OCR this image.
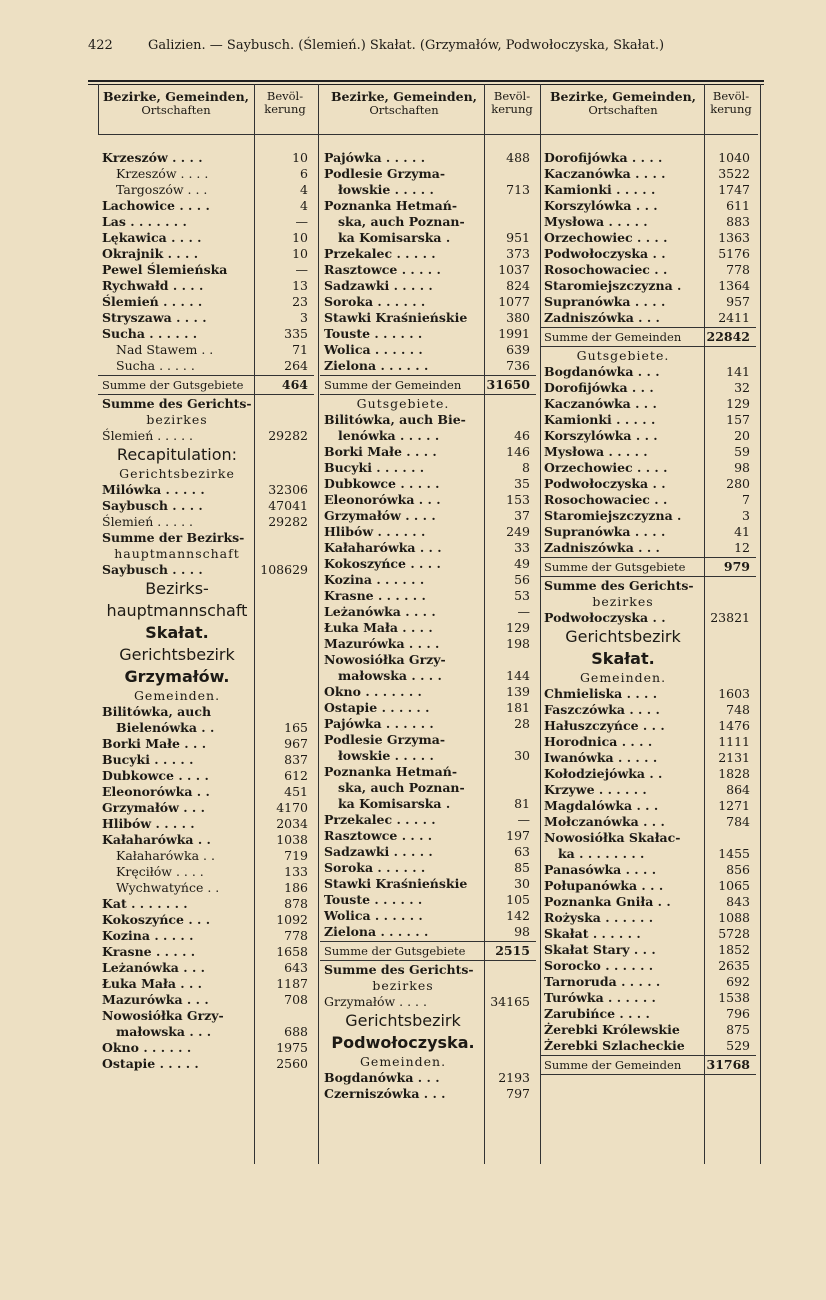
422	Galizien. — Saybusch. (Ślemień.) Skałat. (Grzymałów, Podwołoczyska, Skałat.)
Bezirke, Gemeinden,
Ortschaften
Bevöl-
kerung
Bezirke, Gemeinden,
Ortschaften
Bevöl-
kerung
Bezirke, Gemeinden,
Ortschaften
Bevöl-
kerung
Krzeszów . . . .	10
Krzeszów . . . .	6
Targoszów . . .	4
Lachowice . . . .	4
Las . . . . . . .	—
Lękawica . . . .	10
Okrajnik . . . .	10
Pewel Ślemieńska	—
Rychwałd . . . .	13
Ślemień . . . . .	23
Stryszawa . . . .	3
Sucha . . . . . .	335
Nad Stawem . .	71
Sucha . . . . .	264
Summe der Gutsgebiete	464
Summe des Gerichts-
bezirkes
Ślemień . . . . .	29282
Recapitulation:
Gerichtsbezirke
Milówka . . . . .	32306
Saybusch . . . .	47041
Ślemień . . . . .	29282
Summe der Bezirks-
hauptmannschaft
Saybusch . . . .	108629
Bezirks-
hauptmannschaft
Skałat.
Gerichtsbezirk
Grzymałów.
Gemeinden.
Bilitówka, auch
Bielenówka . .	165
Borki Małe . . .	967
Bucyki . . . . .	837
Dubkowce . . . .	612
Eleonorówka . .	451
Grzymałów . . .	4170
Hlibów . . . . .	2034
Kałaharówka . .	1038
Kałaharówka . .	719
Kręciłów . . . .	133
Wychwatyńce . .	186
Kat . . . . . . .	878
Kokoszyńce . . .	1092
Kozina . . . . .	778
Krasne . . . . .	1658
Leżanówka . . .	643
Łuka Mała . . .	1187
Mazurówka . . .	708
Nowosiółka Grzy-
małowska . . .	688
Okno . . . . . .	1975
Ostapie . . . . .	2560
Pajówka . . . . .	488
Podlesie Grzyma-
łowskie . . . . .	713
Poznanka Hetmań-
ska, auch Poznan-
ka Komisarska .	951
Przekalec . . . . .	373
Rasztowce . . . . .	1037
Sadzawki . . . . .	824
Soroka . . . . . .	1077
Stawki Kraśnieńskie	380
Touste . . . . . .	1991
Wolica . . . . . .	639
Zielona . . . . . .	736
Summe der Gemeinden 31650
Gutsgebiete.
Bilitówka, auch Bie-
lenówka . . . . .	46
Borki Małe . . . .	146
Bucyki . . . . . .	8
Dubkowce . . . . .	35
Eleonorówka . . .	153
Grzymałów . . . .	37
Hlibów . . . . . .	249
Kałaharówka . . .	33
Kokoszyńce . . . .	49
Kozina . . . . . .	56
Krasne . . . . . .	53
Leżanówka . . . .	—
Łuka Mała . . . .	129
Mazurówka . . . .	198
Nowosiółka Grzy-
małowska . . . .	144
Okno . . . . . . .	139
Ostapie . . . . . .	181
Pajówka . . . . . .	28
Podlesie Grzyma-
łowskie . . . . .	30
Poznanka Hetmań-
ska, auch Poznan-
ka Komisarska .	81
Przekalec . . . . .	—
Rasztowce . . . .	197
Sadzawki . . . . .	63
Soroka . . . . . .	85
Stawki Kraśnieńskie	30
Touste . . . . . .	105
Wolica . . . . . .	142
Zielona . . . . . .	98
Summe der Gutsgebiete	2515
Summe des Gerichts-
bezirkes
Grzymałów . . . .	34165
Gerichtsbezirk
Podwołoczyska.
Gemeinden.
Bogdanówka . . .	2193
Czerniszówka . . .	797
Dorofijówka . . . .	1040
Kaczanówka . . . .	3522
Kamionki . . . . .	1747
Korszylówka . . .	611
Mysłowa . . . . .	883
Orzechowiec . . . .	1363
Podwołoczyska . .	5176
Rosochowaciec . .	778
Staromiejszczyzna .	1364
Supranówka . . . .	957
Zadniszówka . . .	2411
Summe der Gemeinden 22842
Gutsgebiete.
Bogdanówka . . .	141
Dorofijówka . . .	32
Kaczanówka . . .	129
Kamionki . . . . .	157
Korszylówka . . .	20
Mysłowa . . . . .	59
Orzechowiec . . . .	98
Podwołoczyska . .	280
Rosochowaciec . .	7
Staromiejszczyzna .	3
Supranówka . . . .	41
Zadniszówka . . .	12
Summe der Gutsgebiete	979
Summe des Gerichts-
bezirkes
Podwołoczyska . .	23821
Gerichtsbezirk
Skałat.
Gemeinden.
Chmieliska . . . .	1603
Faszczówka . . . .	748
Hałuszczyńce . . .	1476
Horodnica . . . .	1111
Iwanówka . . . . .	2131
Kołodziejówka . .	1828
Krzywe . . . . . .	864
Magdalówka . . .	1271
Mołczanówka . . .	784
Nowosiółka Skałac-
ka . . . . . . . .	1455
Panasówka . . . .	856
Połupanówka . . .	1065
Poznanka Gniła . .	843
Rożyska . . . . . .	1088
Skałat . . . . . .	5728
Skałat Stary . . .	1852
Sorocko . . . . . .	2635
Tarnoruda . . . . .	692
Turówka . . . . . .	1538
Zarubińce . . . .	796
Żerebki Królewskie	875
Żerebki Szlacheckie	529
Summe der Gemeinden 31768
